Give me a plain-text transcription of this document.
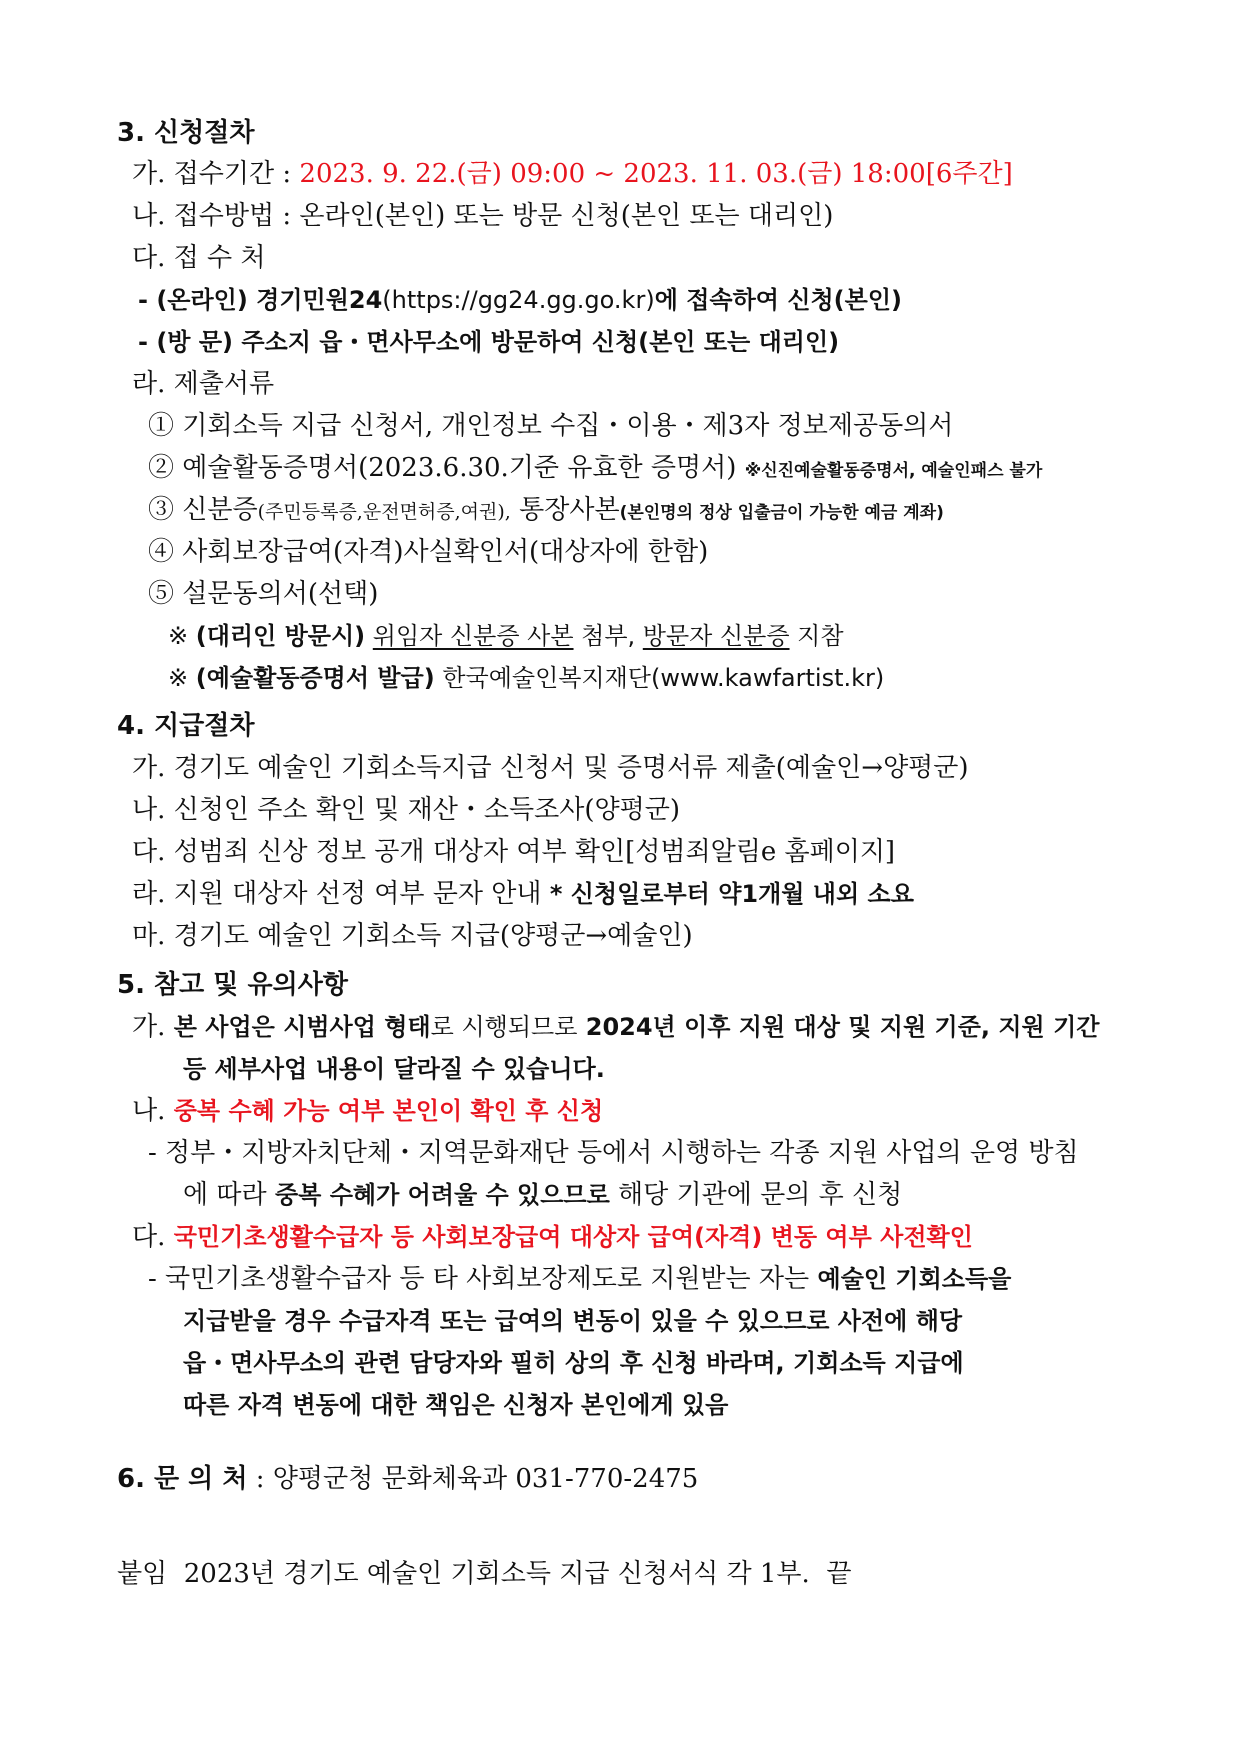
3. 신청절차
가. 접수기간 : 2023. 9. 22.(금) 09:00 ~ 2023. 11. 03.(금) 18:00[6주간]
나. 접수방법 : 온라인(본인) 또는 방문 신청(본인 또는 대리인)
다. 접 수 처
- (온라인) 경기민원24(https://gg24.gg.go.kr)에 접속하여 신청(본인)
- (방 문) 주소지 읍・면사무소에 방문하여 신청(본인 또는 대리인)
라. 제출서류
① 기회소득 지급 신청서, 개인정보 수집・이용・제3자 정보제공동의서
② 예술활동증명서(2023.6.30.기준 유효한 증명서) ※신진예술활동증명서, 예술인패스 불가
③ 신분증(주민등록증,운전면허증,여권), 통장사본(본인명의 정상 입출금이 가능한 예금 계좌)
④ 사회보장급여(자격)사실확인서(대상자에 한함)
⑤ 설문동의서(선택)
※ (대리인 방문시) 위임자 신분증 사본 첨부, 방문자 신분증 지참
※ (예술활동증명서 발급) 한국예술인복지재단(www.kawfartist.kr)
4. 지급절차
가. 경기도 예술인 기회소득지급 신청서 및 증명서류 제출(예술인→양평군)
나. 신청인 주소 확인 및 재산・소득조사(양평군)
다. 성범죄 신상 정보 공개 대상자 여부 확인[성범죄알림e 홈페이지]
라. 지원 대상자 선정 여부 문자 안내 * 신청일로부터 약1개월 내외 소요
마. 경기도 예술인 기회소득 지급(양평군→예술인)
5. 참고 및 유의사항
가. 본 사업은 시범사업 형태로 시행되므로 2024년 이후 지원 대상 및 지원 기준, 지원 기간
등 세부사업 내용이 달라질 수 있습니다.
나. 중복 수혜 가능 여부 본인이 확인 후 신청
- 정부・지방자치단체・지역문화재단 등에서 시행하는 각종 지원 사업의 운영 방침
에 따라 중복 수혜가 어려울 수 있으므로 해당 기관에 문의 후 신청
다. 국민기초생활수급자 등 사회보장급여 대상자 급여(자격) 변동 여부 사전확인
- 국민기초생활수급자 등 타 사회보장제도로 지원받는 자는 예술인 기회소득을
지급받을 경우 수급자격 또는 급여의 변동이 있을 수 있으므로 사전에 해당
읍・면사무소의 관련 담당자와 필히 상의 후 신청 바라며, 기회소득 지급에
따른 자격 변동에 대한 책임은 신청자 본인에게 있음
6. 문 의 처 : 양평군청 문화체육과 031-770-2475
붙임  2023년 경기도 예술인 기회소득 지급 신청서식 각 1부.  끝
